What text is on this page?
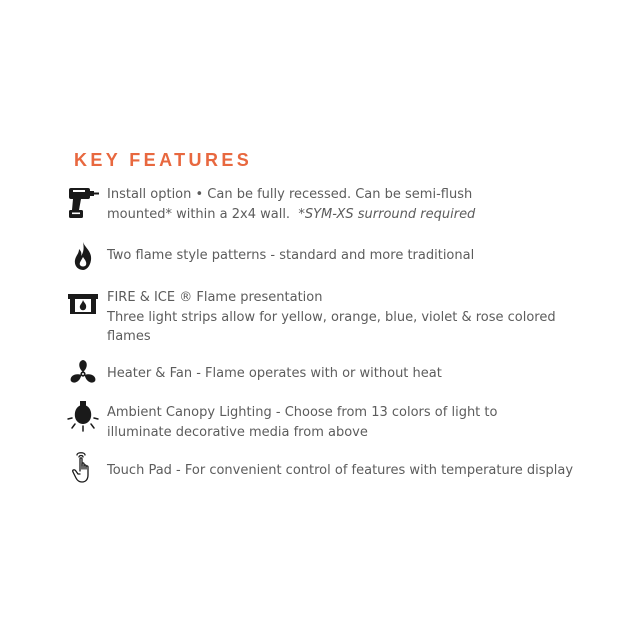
KEY FEATURES
Install option • Can be fully recessed. Can be semi-flush
mounted* within a 2x4 wall. *SYM-XS surround required
Two flame style patterns - standard and more traditional
FIRE & ICE ® Flame presentation
Three light strips allow for yellow, orange, blue, violet & rose colored
flames
Heater & Fan - Flame operates with or without heat
Ambient Canopy Lighting - Choose from 13 colors of light to
illuminate decorative media from above
Touch Pad - For convenient control of features with temperature display
